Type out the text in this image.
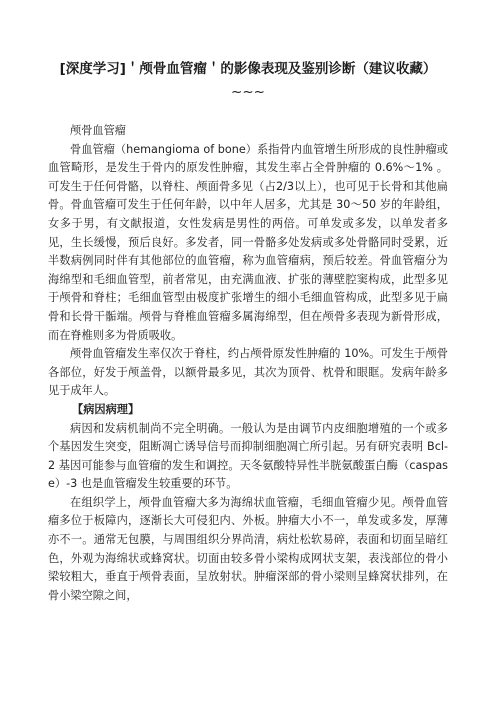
[深度学习]＇颅骨血管瘤＇的影像表现及鉴别诊断（建议收藏） ~~~

颅骨血管瘤

骨血管瘤（hemangioma of bone）系指骨内血管增生所形成的良性肿瘤或血管畸形，是发生于骨内的原发性肿瘤，其发生率占全骨肿瘤的 0.6%～1% 。可发生于任何骨骼，以脊柱、颅面骨多见（占2/3以上），也可见于长骨和其他扁骨。骨血管瘤可发生于任何年龄，以中年人居多，尤其是 30～50 岁的年龄组，女多于男，有文献报道，女性发病是男性的两倍。可单发或多发，以单发者多见，生长缓慢，预后良好。多发者，同一骨骼多处发病或多处骨骼同时受累，近半数病例同时伴有其他部位的血管瘤，称为血管瘤病，预后较差。骨血管瘤分为海绵型和毛细血管型，前者常见，由充满血液、扩张的薄壁腔窦构成，此型多见于颅骨和脊柱；毛细血管型由极度扩张增生的细小毛细血管构成，此型多见于扁骨和长骨干骺端。颅骨与脊椎血管瘤多属海绵型，但在颅骨多表现为新骨形成，而在脊椎则多为骨质吸收。

颅骨血管瘤发生率仅次于脊柱，约占颅骨原发性肿瘤的 10%。可发生于颅骨各部位，好发于颅盖骨，以额骨最多见，其次为顶骨、枕骨和眼眶。发病年龄多见于成年人。

【病因病理】

病因和发病机制尚不完全明确。一般认为是由调节内皮细胞增殖的一个或多个基因发生突变，阻断凋亡诱导信号而抑制细胞凋亡所引起。另有研究表明 Bcl-2 基因可能参与血管瘤的发生和调控。天冬氨酸特异性半胱氨酸蛋白酶（caspase）-3 也是血管瘤发生较重要的环节。

在组织学上，颅骨血管瘤大多为海绵状血管瘤，毛细血管瘤少见。颅骨血管瘤多位于板障内，逐渐长大可侵犯内、外板。肿瘤大小不一，单发或多发，厚薄亦不一。通常无包膜，与周围组织分界尚清，病灶松软易碎，表面和切面呈暗红色，外观为海绵状或蜂窝状。切面由较多骨小梁构成网状支架，表浅部位的骨小梁较粗大，垂直于颅骨表面，呈放射状。肿瘤深部的骨小梁则呈蜂窝状排列，在骨小梁空隙之间，
